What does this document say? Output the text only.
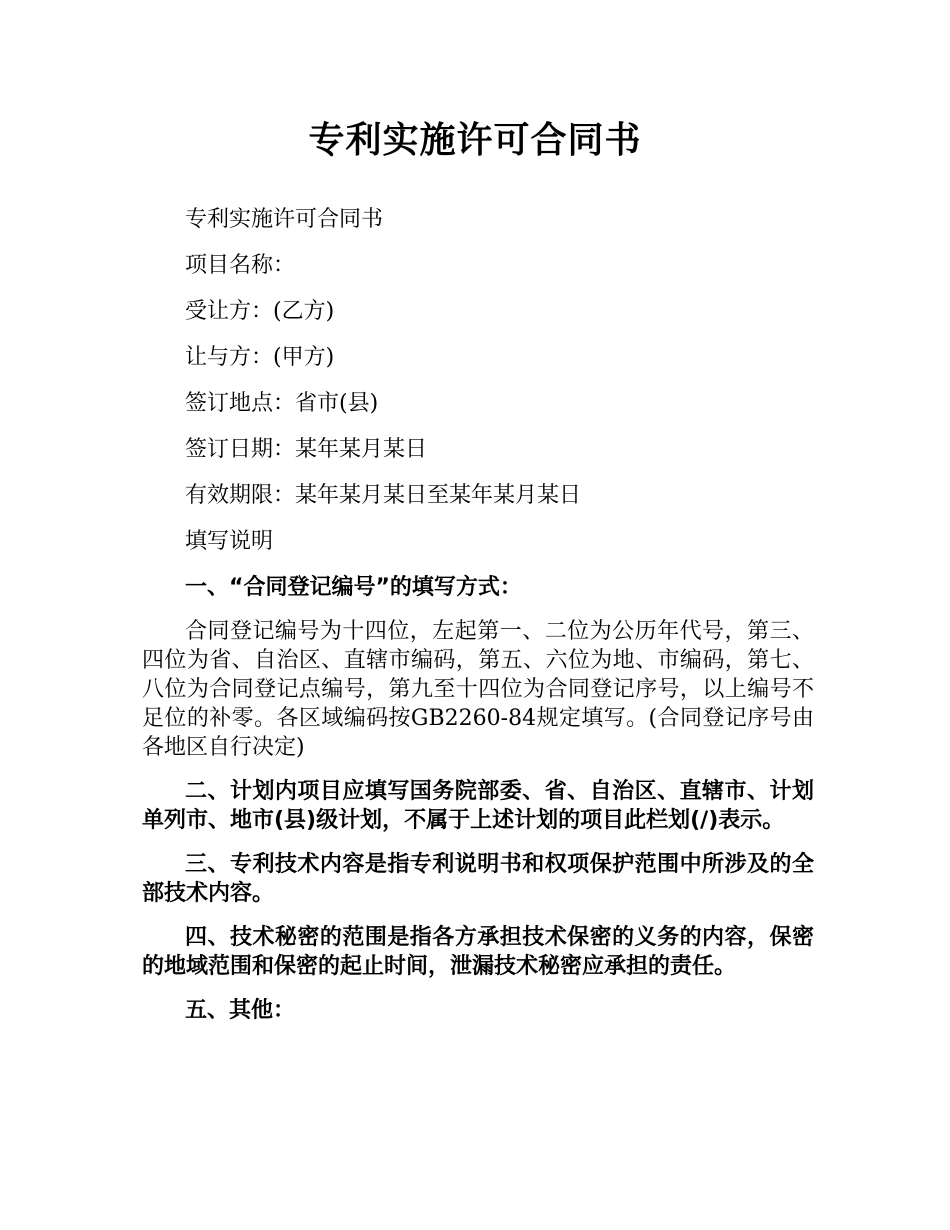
专利实施许可合同书
专利实施许可合同书
项目名称：
受让方：(乙方)
让与方：(甲方)
签订地点：省市(县)
签订日期：某年某月某日
有效期限：某年某月某日至某年某月某日
填写说明
一、“合同登记编号”的填写方式：
合同登记编号为十四位，左起第一、二位为公历年代号，第三、四位为省、自治区、直辖市编码，第五、六位为地、市编码，第七、八位为合同登记点编号，第九至十四位为合同登记序号，以上编号不足位的补零。各区域编码按GB2260-84规定填写。(合同登记序号由各地区自行决定)
二、计划内项目应填写国务院部委、省、自治区、直辖市、计划单列市、地市(县)级计划，不属于上述计划的项目此栏划(/)表示。
三、专利技术内容是指专利说明书和权项保护范围中所涉及的全部技术内容。
四、技术秘密的范围是指各方承担技术保密的义务的内容，保密的地域范围和保密的起止时间，泄漏技术秘密应承担的责任。
五、其他：
